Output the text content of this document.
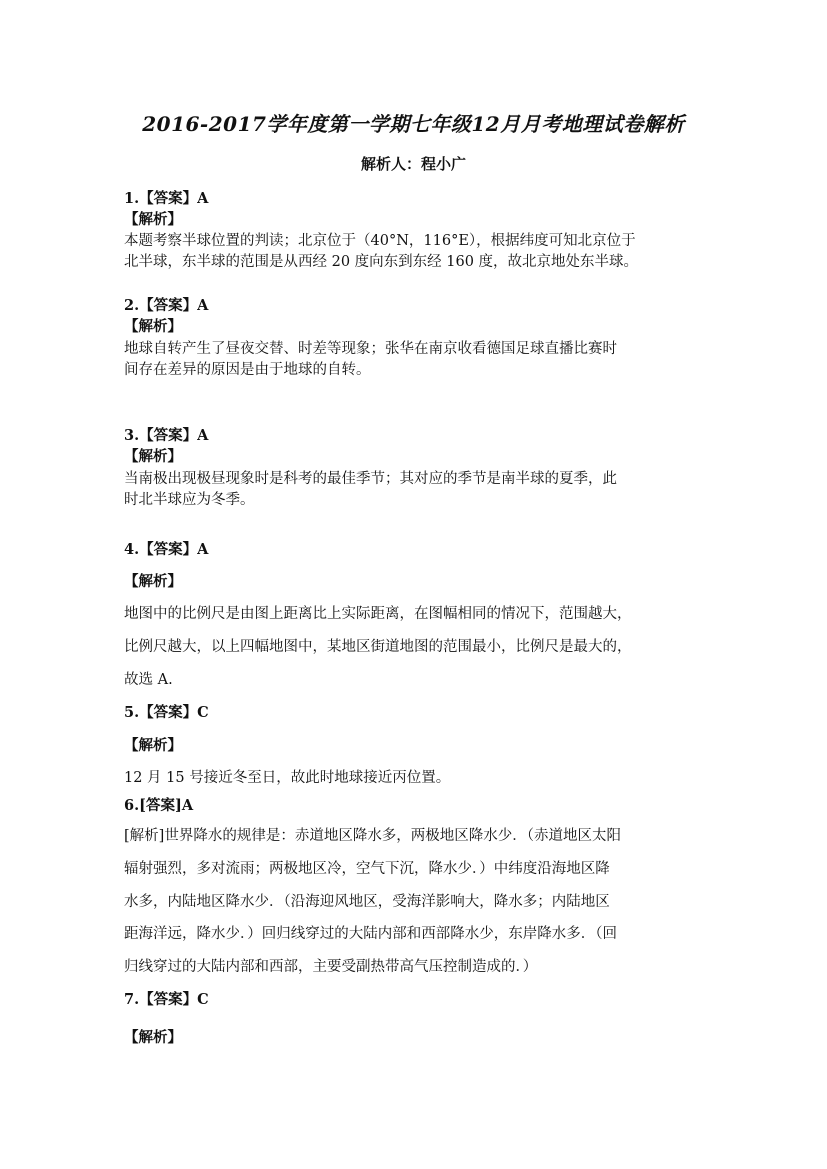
2016-2017学年度第一学期七年级12月月考地理试卷解析
解析人：程小广
1.【答案】A
【解析】
本题考察半球位置的判读；北京位于（40°N，116°E），根据纬度可知北京位于
北半球，东半球的范围是从西经 20 度向东到东经 160 度，故北京地处东半球。
2.【答案】A
【解析】
地球自转产生了昼夜交替、时差等现象；张华在南京收看德国足球直播比赛时
间存在差异的原因是由于地球的自转。
3.【答案】A
【解析】
当南极出现极昼现象时是科考的最佳季节；其对应的季节是南半球的夏季，此
时北半球应为冬季。
4.【答案】A
【解析】
地图中的比例尺是由图上距离比上实际距离，在图幅相同的情况下，范围越大，
比例尺越大，以上四幅地图中，某地区街道地图的范围最小，比例尺是最大的，
故选 A.
5.【答案】C
【解析】
12 月 15 号接近冬至日，故此时地球接近丙位置。
6.[答案]A
[解析]世界降水的规律是：赤道地区降水多，两极地区降水少．（赤道地区太阳
辐射强烈，多对流雨；两极地区冷，空气下沉，降水少．）中纬度沿海地区降
水多，内陆地区降水少．（沿海迎风地区，受海洋影响大，降水多；内陆地区
距海洋远，降水少．）回归线穿过的大陆内部和西部降水少，东岸降水多．（回
归线穿过的大陆内部和西部，主要受副热带高气压控制造成的．）
7.【答案】C
【解析】
